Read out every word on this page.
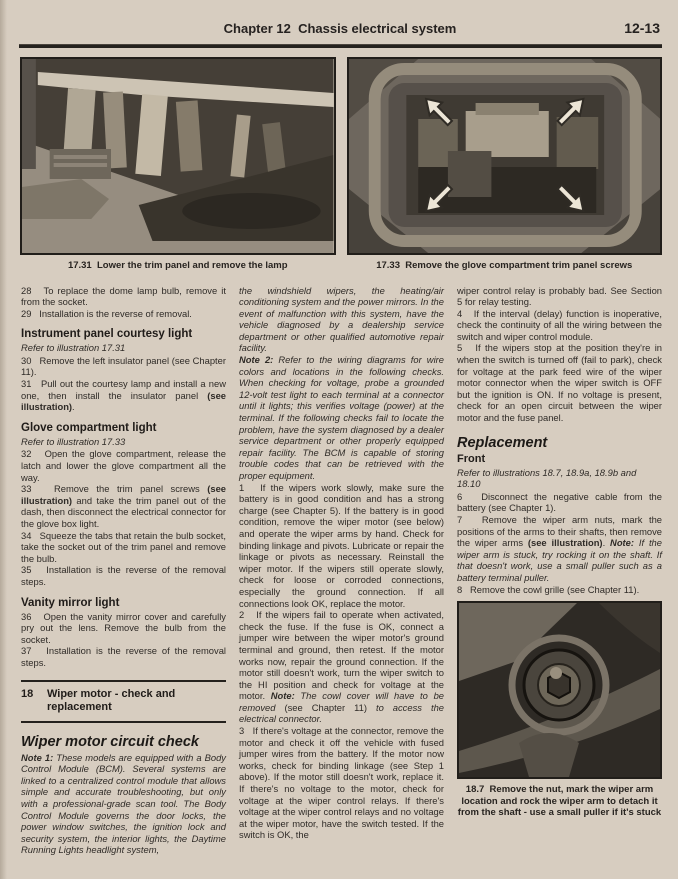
Chapter 12  Chassis electrical system	12-13
17.31  Lower the trim panel and remove the lamp	17.33  Remove the glove compartment trim panel screws

28   To replace the dome lamp bulb, remove it from the socket.

29   Installation is the reverse of removal.

Instrument panel courtesy light

Refer to illustration 17.31

30   Remove the left insulator panel (see Chapter 11).

31   Pull out the courtesy lamp and install a new one, then install the insulator panel (see illustration).

Glove compartment light

Refer to illustration 17.33

32   Open the glove compartment, release the latch and lower the glove compartment all the way.

33   Remove the trim panel screws (see illustration) and take the trim panel out of the dash, then disconnect the electrical connector for the glove box light.

34   Squeeze the tabs that retain the bulb socket, take the socket out of the trim panel and remove the bulb.

35   Installation is the reverse of the removal steps.

Vanity mirror light

36   Open the vanity mirror cover and carefully pry out the lens. Remove the bulb from the socket.

37   Installation is the reverse of the removal steps.

18	Wiper motor - check and replacement
Wiper motor circuit check

Note 1: These models are equipped with a Body Control Module (BCM). Several systems are linked to a centralized control module that allows simple and accurate troubleshooting, but only with a professional-grade scan tool. The Body Control Module governs the door locks, the power window switches, the ignition lock and security system, the interior lights, the Daytime Running Lights headlight system,

the windshield wipers, the heating/air conditioning system and the power mirrors. In the event of malfunction with this system, have the vehicle diagnosed by a dealership service department or other qualified automotive repair facility.

Note 2: Refer to the wiring diagrams for wire colors and locations in the following checks. When checking for voltage, probe a grounded 12-volt test light to each terminal at a connector until it lights; this verifies voltage (power) at the terminal. If the following checks fail to locate the problem, have the system diagnosed by a dealer service department or other properly equipped repair facility. The BCM is capable of storing trouble codes that can be retrieved with the proper equipment.

1   If the wipers work slowly, make sure the battery is in good condition and has a strong charge (see Chapter 5). If the battery is in good condition, remove the wiper motor (see below) and operate the wiper arms by hand. Check for binding linkage and pivots. Lubricate or repair the linkage or pivots as necessary. Reinstall the wiper motor. If the wipers still operate slowly, check for loose or corroded connections, especially the ground connection. If all connections look OK, replace the motor.

2   If the wipers fail to operate when activated, check the fuse. If the fuse is OK, connect a jumper wire between the wiper motor's ground terminal and ground, then retest. If the motor works now, repair the ground connection. If the motor still doesn't work, turn the wiper switch to the HI position and check for voltage at the motor. Note: The cowl cover will have to be removed (see Chapter 11) to access the electrical connector.

3   If there's voltage at the connector, remove the motor and check it off the vehicle with fused jumper wires from the battery. If the motor now works, check for binding linkage (see Step 1 above). If the motor still doesn't work, replace it. If there's no voltage to the motor, check for voltage at the wiper control relays. If there's voltage at the wiper control relays and no voltage at the wiper motor, have the switch tested. If the switch is OK, the

wiper control relay is probably bad. See Section 5 for relay testing.

4   If the interval (delay) function is inoperative, check the continuity of all the wiring between the switch and wiper control module.

5   If the wipers stop at the position they're in when the switch is turned off (fail to park), check for voltage at the park feed wire of the wiper motor connector when the wiper switch is OFF but the ignition is ON. If no voltage is present, check for an open circuit between the wiper motor and the fuse panel.

Replacement
Front

Refer to illustrations 18.7, 18.9a, 18.9b and 18.10

6   Disconnect the negative cable from the battery (see Chapter 1).

7   Remove the wiper arm nuts, mark the positions of the arms to their shafts, then remove the wiper arms (see illustration). Note: If the wiper arm is stuck, try rocking it on the shaft. If that doesn't work, use a small puller such as a battery terminal puller.

8   Remove the cowl grille (see Chapter 11).

18.7  Remove the nut, mark the wiper arm location and rock the wiper arm to detach it from the shaft - use a small puller if it's stuck
